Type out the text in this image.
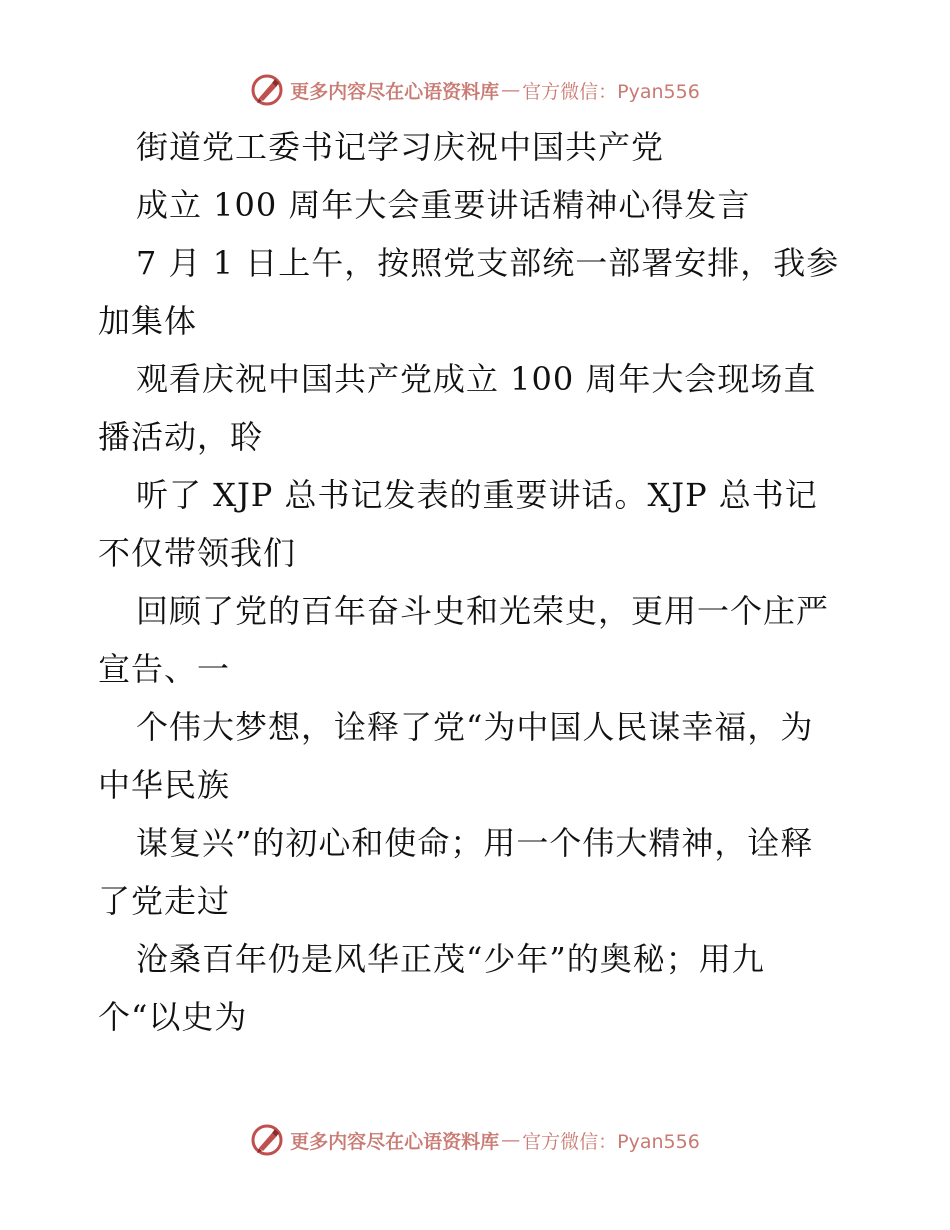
更多内容尽在心语资料库 — 官方微信：Pyan556
街道党工委书记学习庆祝中国共产党
成立 100 周年大会重要讲话精神心得发言
7 月 1 日上午，按照党支部统一部署安排，我参
加集体
观看庆祝中国共产党成立 100 周年大会现场直
播活动，聆
听了 XJP 总书记发表的重要讲话。XJP 总书记
不仅带领我们
回顾了党的百年奋斗史和光荣史，更用一个庄严
宣告、一
个伟大梦想，诠释了党“为中国人民谋幸福，为
中华民族
谋复兴”的初心和使命；用一个伟大精神，诠释
了党走过
沧桑百年仍是风华正茂“少年”的奥秘；用九
个“以史为
更多内容尽在心语资料库 — 官方微信：Pyan556
